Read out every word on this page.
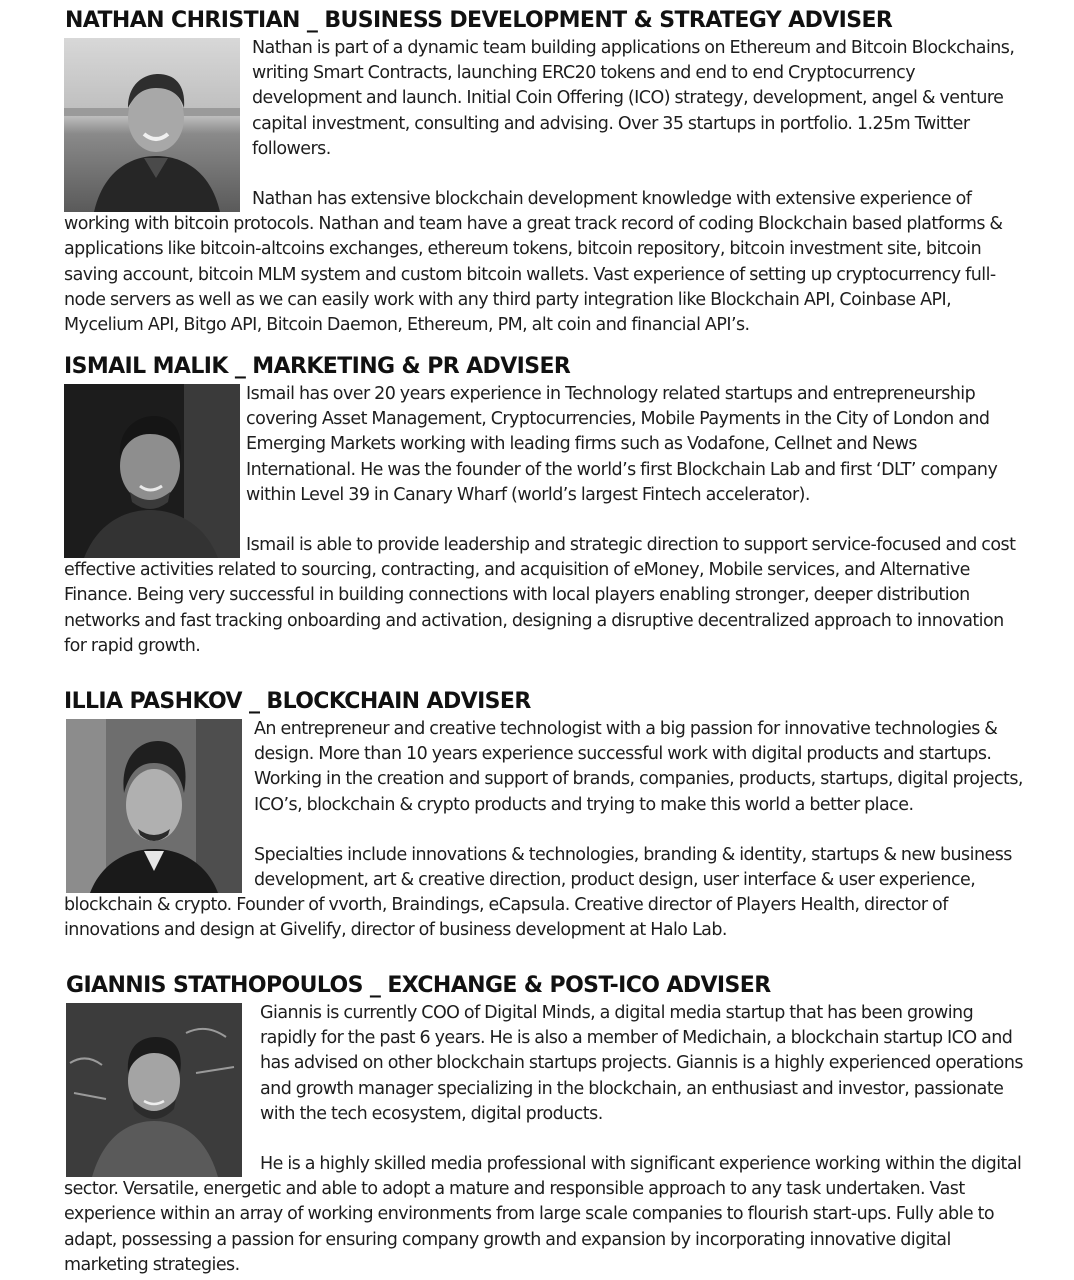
NATHAN CHRISTIAN _ BUSINESS DEVELOPMENT & STRATEGY ADVISER

Nathan is part of a dynamic team building applications on Ethereum and Bitcoin Blockchains, writing Smart Contracts, launching ERC20 tokens and end to end Cryptocurrency development and launch. Initial Coin Offering (ICO) strategy, development, angel & venture capital investment, consulting and advising. Over 35 startups in portfolio. 1.25m Twitter followers.

Nathan has extensive blockchain development knowledge with extensive experience of working with bitcoin protocols. Nathan and team have a great track record of coding Blockchain based platforms & applications like bitcoin-altcoins exchanges, ethereum tokens, bitcoin repository, bitcoin investment site, bitcoin saving account, bitcoin MLM system and custom bitcoin wallets. Vast experience of setting up cryptocurrency full-node servers as well as we can easily work with any third party integration like Blockchain API, Coinbase API, Mycelium API, Bitgo API, Bitcoin Daemon, Ethereum, PM, alt coin and financial API’s.

ISMAIL MALIK _ MARKETING & PR ADVISER

Ismail has over 20 years experience in Technology related startups and entrepreneurship covering Asset Management, Cryptocurrencies, Mobile Payments in the City of London and Emerging Markets working with leading firms such as Vodafone, Cellnet and News International. He was the founder of the world’s first Blockchain Lab and first ‘DLT’ company within Level 39 in Canary Wharf (world’s largest Fintech accelerator).

Ismail is able to provide leadership and strategic direction to support service-focused and cost effective activities related to sourcing, contracting, and acquisition of eMoney, Mobile services, and Alternative Finance. Being very successful in building connections with local players enabling stronger, deeper distribution networks and fast tracking onboarding and activation, designing a disruptive decentralized approach to innovation for rapid growth.

ILLIA PASHKOV _ BLOCKCHAIN ADVISER

An entrepreneur and creative technologist with a big passion for innovative technologies & design. More than 10 years experience successful work with digital products and startups. Working in the creation and support of brands, companies, products, startups, digital projects, ICO’s, blockchain & crypto products and trying to make this world a better place.

Specialties include innovations & technologies, branding & identity, startups & new business development, art & creative direction, product design, user interface & user experience, blockchain & crypto. Founder of vvorth, Braindings, eCapsula. Creative director of Players Health, director of innovations and design at Givelify, director of business development at Halo Lab.

GIANNIS STATHOPOULOS _ EXCHANGE & POST-ICO ADVISER

Giannis is currently COO of Digital Minds, a digital media startup that has been growing rapidly for the past 6 years. He is also a member of Medichain, a blockchain startup ICO and has advised on other blockchain startups projects. Giannis is a highly experienced operations and growth manager specializing in the blockchain, an enthusiast and investor, passionate with the tech ecosystem, digital products.

He is a highly skilled media professional with significant experience working within the digital sector. Versatile, energetic and able to adopt a mature and responsible approach to any task undertaken. Vast experience within an array of working environments from large scale companies to flourish start-ups. Fully able to adapt, possessing a passion for ensuring company growth and expansion by incorporating innovative digital marketing strategies.
